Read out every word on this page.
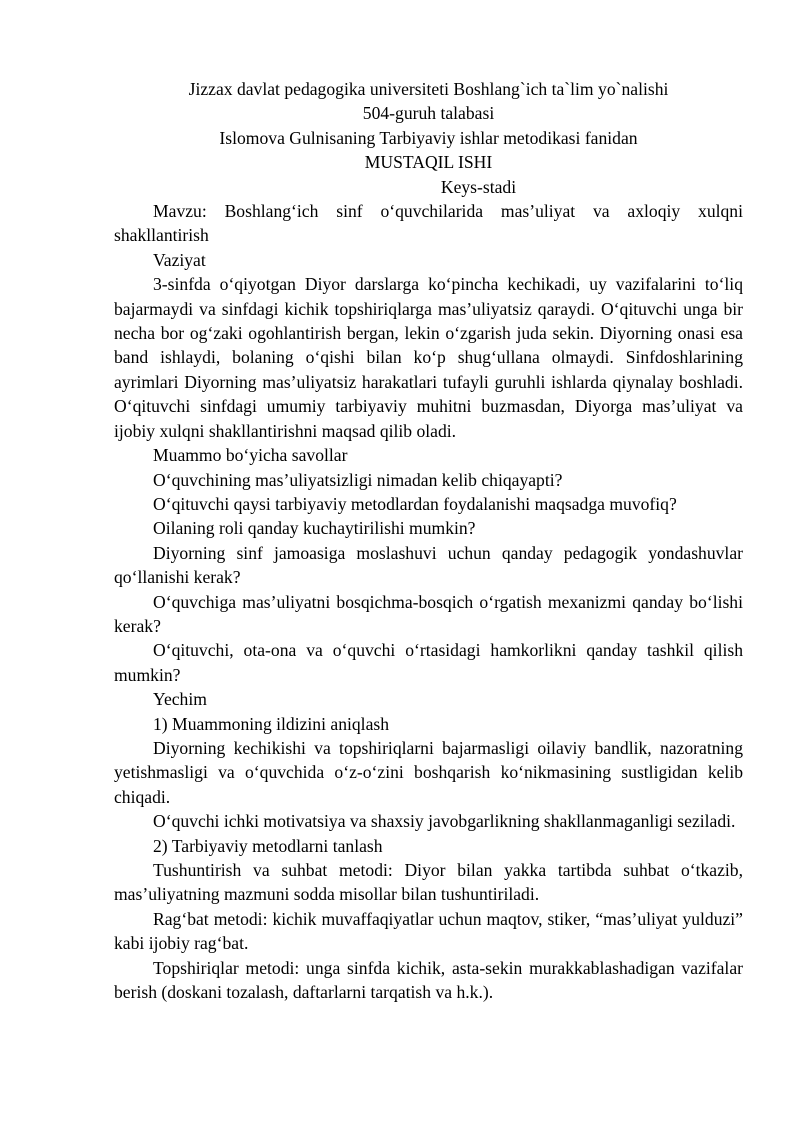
Jizzax davlat pedagogika universiteti Boshlang`ich ta`lim yo`nalishi

504-guruh talabasi

Islomova Gulnisaning Tarbiyaviy ishlar metodikasi fanidan

MUSTAQIL ISHI

Keys-stadi

Mavzu: Boshlang‘ich sinf o‘quvchilarida mas’uliyat va axloqiy xulqni shakllantirish

Vaziyat

3-sinfda o‘qiyotgan Diyor darslarga ko‘pincha kechikadi, uy vazifalarini to‘liq bajarmaydi va sinfdagi kichik topshiriqlarga mas’uliyatsiz qaraydi. O‘qituvchi unga bir necha bor og‘zaki ogohlantirish bergan, lekin o‘zgarish juda sekin. Diyorning onasi esa band ishlaydi, bolaning o‘qishi bilan ko‘p shug‘ullana olmaydi. Sinfdoshlarining ayrimlari Diyorning mas’uliyatsiz harakatlari tufayli guruhli ishlarda qiynalay boshladi. O‘qituvchi sinfdagi umumiy tarbiyaviy muhitni buzmasdan, Diyorga mas’uliyat va ijobiy xulqni shakllantirishni maqsad qilib oladi.

Muammo bo‘yicha savollar

O‘quvchining mas’uliyatsizligi nimadan kelib chiqayapti?

O‘qituvchi qaysi tarbiyaviy metodlardan foydalanishi maqsadga muvofiq?

Oilaning roli qanday kuchaytirilishi mumkin?

Diyorning sinf jamoasiga moslashuvi uchun qanday pedagogik yondashuvlar qo‘llanishi kerak?

O‘quvchiga mas’uliyatni bosqichma-bosqich o‘rgatish mexanizmi qanday bo‘lishi kerak?

O‘qituvchi, ota-ona va o‘quvchi o‘rtasidagi hamkorlikni qanday tashkil qilish mumkin?

Yechim

1) Muammoning ildizini aniqlash

Diyorning kechikishi va topshiriqlarni bajarmasligi oilaviy bandlik, nazoratning yetishmasligi va o‘quvchida o‘z-o‘zini boshqarish ko‘nikmasining sustligidan kelib chiqadi.

O‘quvchi ichki motivatsiya va shaxsiy javobgarlikning shakllanmaganligi seziladi.

2) Tarbiyaviy metodlarni tanlash

Tushuntirish va suhbat metodi: Diyor bilan yakka tartibda suhbat o‘tkazib, mas’uliyatning mazmuni sodda misollar bilan tushuntiriladi.

Rag‘bat metodi: kichik muvaffaqiyatlar uchun maqtov, stiker, “mas’uliyat yulduzi” kabi ijobiy rag‘bat.

Topshiriqlar metodi: unga sinfda kichik, asta-sekin murakkablashadigan vazifalar berish (doskani tozalash, daftarlarni tarqatish va h.k.).
